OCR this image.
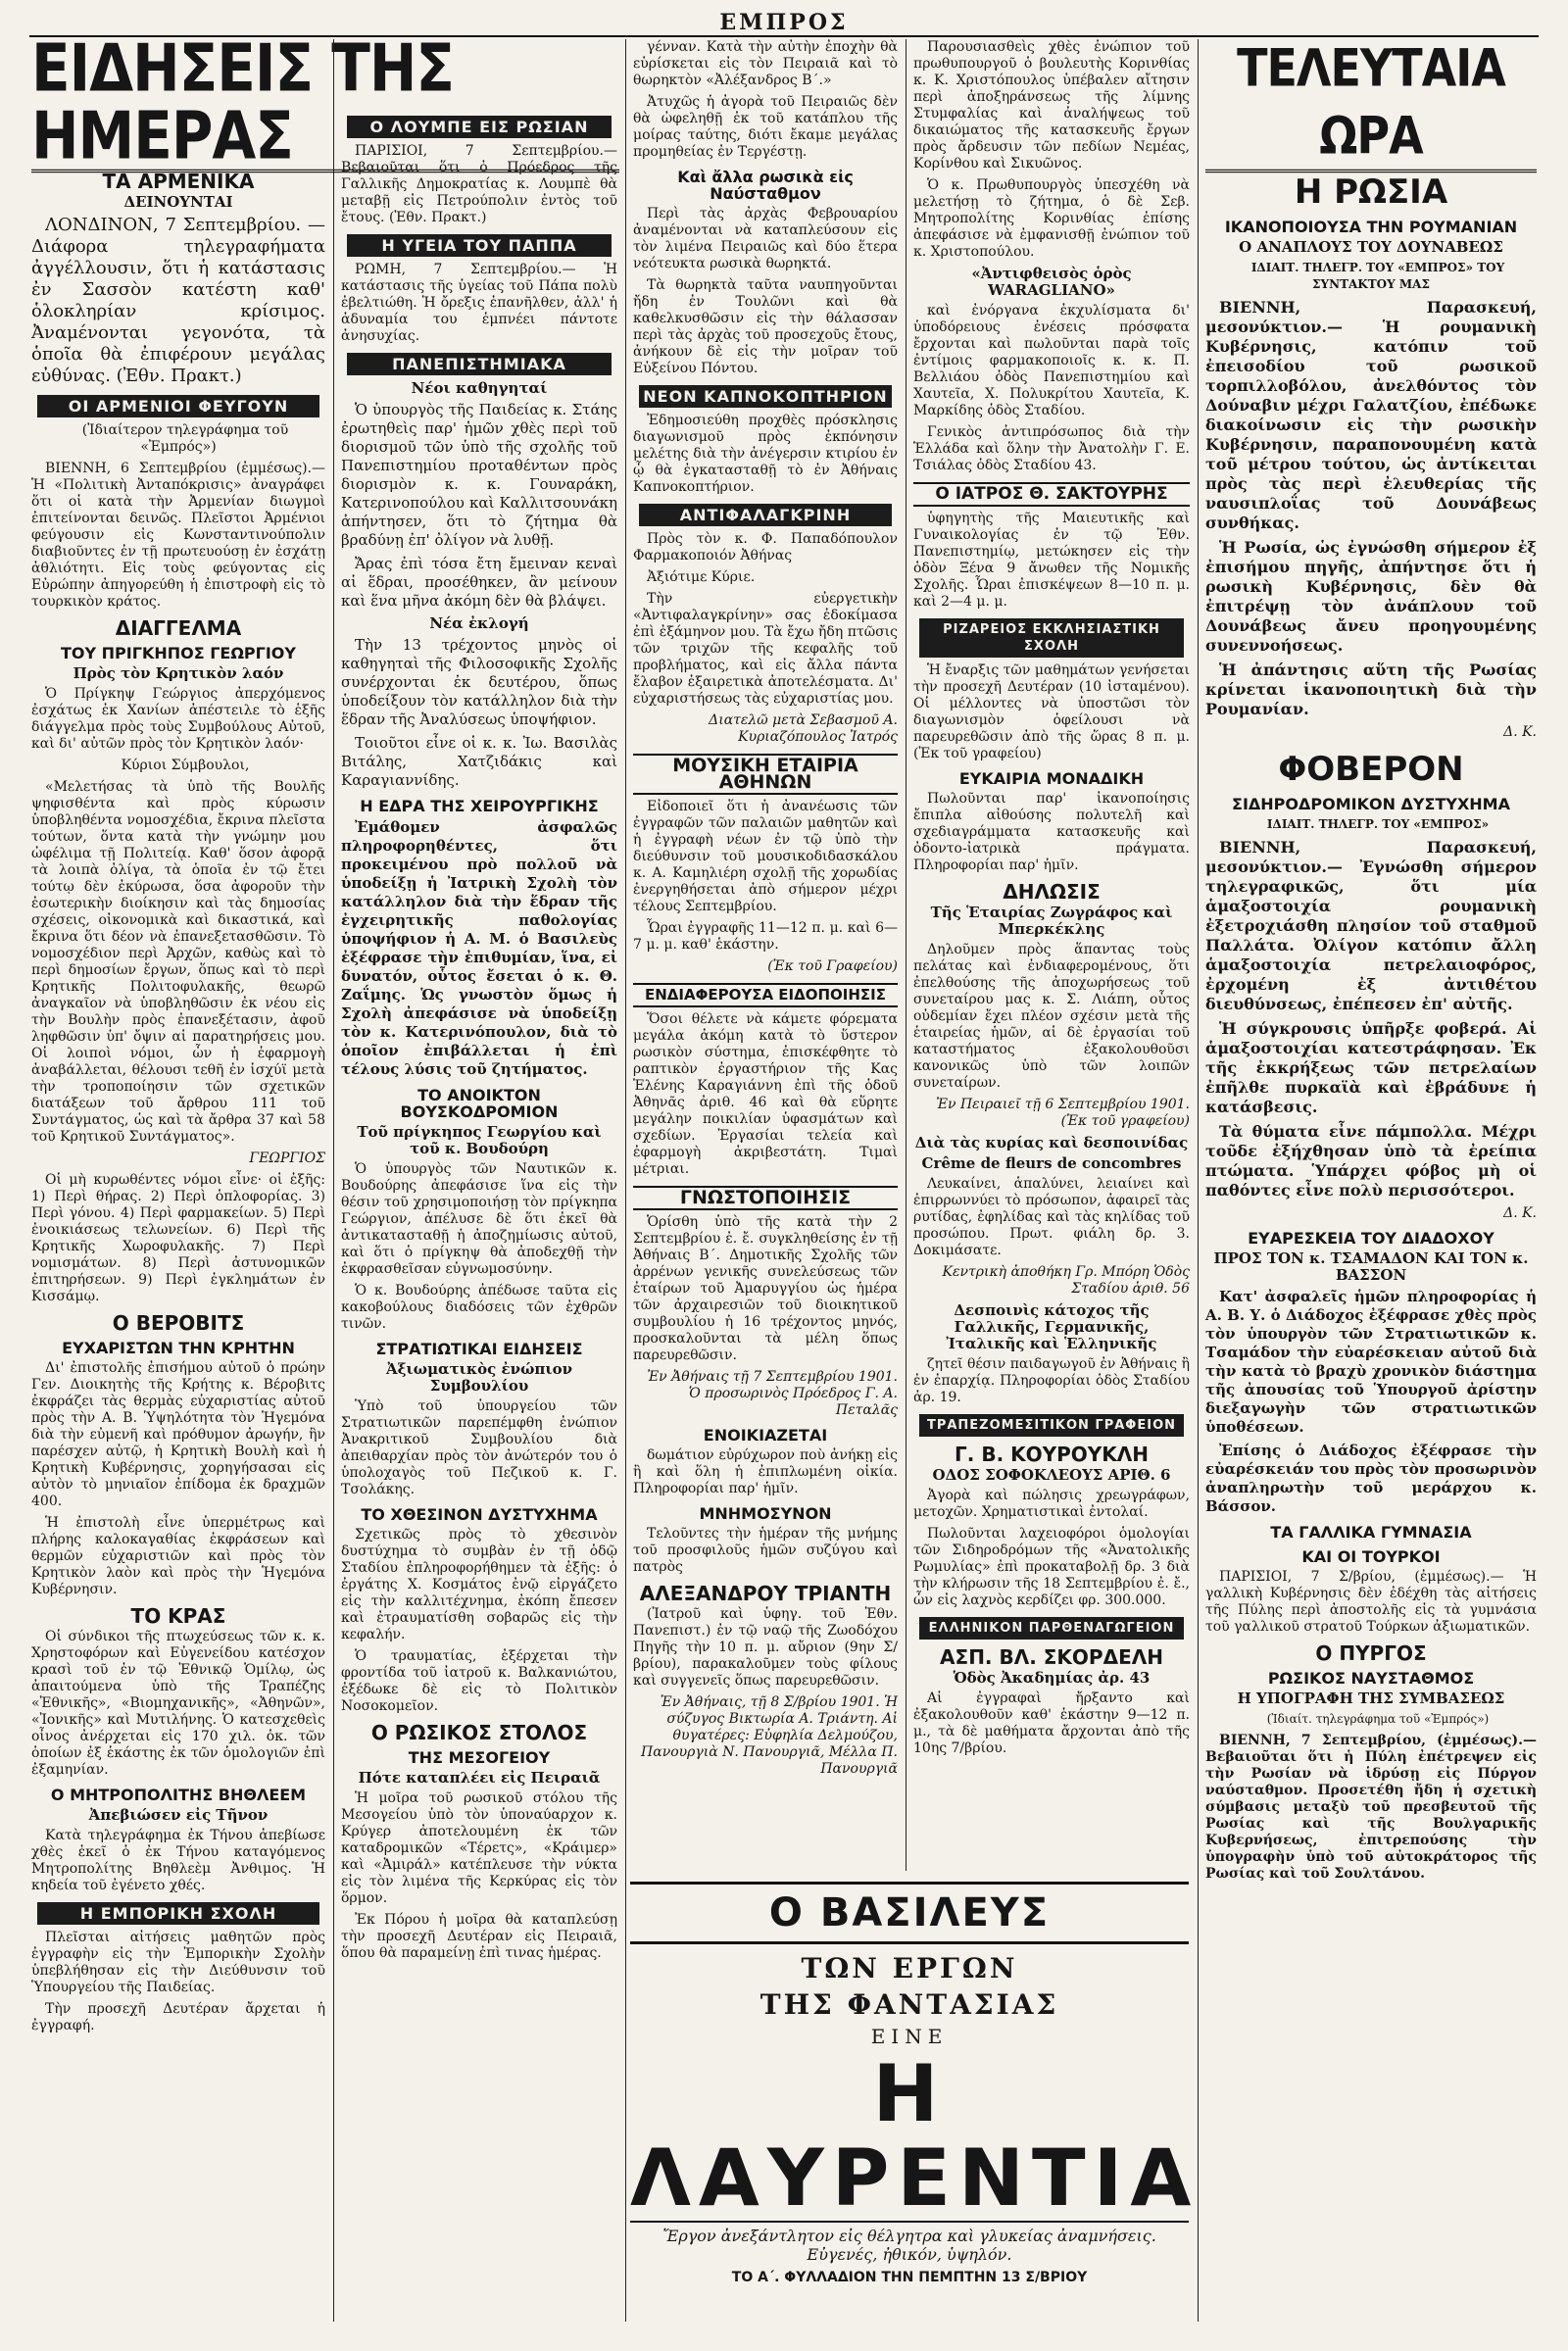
ΕΜΠΡΟΣ
ΕΙΔΗΣΕΙΣ ΤΗΣ ΗΜΕΡΑΣ
ΤΑ ΑΡΜΕΝΙΚΑ
ΔΕΙΝΟΥΝΤΑΙ

ΛΟΝΔΙΝΟΝ, 7 Σεπτεμβρίου. — Διάφορα τηλεγραφήματα ἀγγέλλουσιν, ὅτι ἡ κατάστασις ἐν Σασσὸν κατέστη καθ' ὁλοκληρίαν κρίσιμος. Ἀναμένονται γεγονότα, τὰ ὁποῖα θὰ ἐπιφέρουν μεγάλας εὐθύνας. (Ἐθν. Πρακτ.)

ΟΙ ΑΡΜΕΝΙΟΙ ΦΕΥΓΟΥΝ

(Ἰδιαίτερον τηλεγράφημα τοῦ «Ἐμπρός»)

ΒΙΕΝΝΗ, 6 Σεπτεμβρίου (ἐμμέσως).— Ἡ «Πολιτικὴ Ἀνταπόκρισις» ἀναγράφει ὅτι οἱ κατὰ τὴν Ἀρμενίαν διωγμοὶ ἐπιτείνονται δεινῶς. Πλεῖστοι Ἀρμένιοι φεύγουσιν εἰς Κωνσταντινούπολιν διαβιοῦντες ἐν τῇ πρωτευούσῃ ἐν ἐσχάτῃ ἀθλιότητι. Εἰς τοὺς φεύγοντας εἰς Εὐρώπην ἀπηγορεύθη ἡ ἐπιστροφὴ εἰς τὸ τουρκικὸν κράτος.

ΔΙΑΓΓΕΛΜΑ
ΤΟΥ ΠΡΙΓΚΗΠΟΣ ΓΕΩΡΓΙΟΥ
Πρὸς τὸν Κρητικὸν λαόν

Ὁ Πρίγκηψ Γεώργιος ἀπερχόμενος ἐσχάτως ἐκ Χανίων ἀπέστειλε τὸ ἑξῆς διάγγελμα πρὸς τοὺς Συμβούλους Αὐτοῦ, καὶ δι' αὐτῶν πρὸς τὸν Κρητικὸν λαόν·

Κύριοι Σύμβουλοι,

«Μελετήσας τὰ ὑπὸ τῆς Βουλῆς ψηφισθέντα καὶ πρὸς κύρωσιν ὑποβληθέντα νομοσχέδια, ἔκρινα πλεῖστα τούτων, ὅντα κατὰ τὴν γνώμην μου ὠφέλιμα τῇ Πολιτείᾳ. Καθ' ὅσον ἀφορᾷ τὰ λοιπὰ ὀλίγα, τὰ ὁποῖα ἐν τῷ ἔτει τούτῳ δὲν ἐκύρωσα, ὅσα ἀφοροῦν τὴν ἐσωτερικὴν διοίκησιν καὶ τὰς δημοσίας σχέσεις, οἰκονομικὰ καὶ δικαστικά, καὶ ἔκρινα ὅτι δέον νὰ ἐπανεξετασθῶσιν. Τὸ νομοσχέδιον περὶ Ἀρχῶν, καθὼς καὶ τὸ περὶ δημοσίων ἔργων, ὅπως καὶ τὸ περὶ Κρητικῆς Πολιτοφυλακῆς, θεωρῶ ἀναγκαῖον νὰ ὑποβληθῶσιν ἐκ νέου εἰς τὴν Βουλὴν πρὸς ἐπανεξέτασιν, ἀφοῦ ληφθῶσιν ὑπ' ὄψιν αἱ παρατηρήσεις μου. Οἱ λοιποὶ νόμοι, ὧν ἡ ἐφαρμογὴ ἀναβάλλεται, θέλουσι τεθῆ ἐν ἰσχύϊ μετὰ τὴν τροποποίησιν τῶν σχετικῶν διατάξεων τοῦ ἄρθρου 111 τοῦ Συντάγματος, ὡς καὶ τὰ ἄρθρα 37 καὶ 58 τοῦ Κρητικοῦ Συντάγματος».

ΓΕΩΡΓΙΟΣ

Οἱ μὴ κυρωθέντες νόμοι εἶνε· οἱ ἑξῆς: 1) Περὶ θήρας. 2) Περὶ ὁπλοφορίας. 3) Περὶ γόνου. 4) Περὶ φαρμακείων. 5) Περὶ ἐνοικιάσεως τελωνείων. 6) Περὶ τῆς Κρητικῆς Χωροφυλακῆς. 7) Περὶ νομισμάτων. 8) Περὶ ἀστυνομικῶν ἐπιτηρήσεων. 9) Περὶ ἐγκλημάτων ἐν Κισσάμῳ.

Ο ΒΕΡΟΒΙΤΣ
ΕΥΧΑΡΙΣΤΩΝ ΤΗΝ ΚΡΗΤΗΝ

Δι' ἐπιστολῆς ἐπισήμου αὐτοῦ ὁ πρώην Γεν. Διοικητὴς τῆς Κρήτης κ. Βέροβιτς ἐκφράζει τὰς θερμὰς εὐχαριστίας αὐτοῦ πρὸς τὴν Α. Β. Ὑψηλότητα τὸν Ἡγεμόνα διὰ τὴν εὐμενῆ καὶ πρόθυμον ἀρωγήν, ἣν παρέσχεν αὐτῷ, ἡ Κρητικὴ Βουλὴ καὶ ἡ Κρητικὴ Κυβέρνησις, χορηγήσασαι εἰς αὐτὸν τὸ μηνιαῖον ἐπίδομα ἐκ δραχμῶν 400.

Ἡ ἐπιστολὴ εἶνε ὑπερμέτρως καὶ πλήρης καλοκαγαθίας ἐκφράσεων καὶ θερμῶν εὐχαριστιῶν καὶ πρὸς τὸν Κρητικὸν λαὸν καὶ πρὸς τὴν Ἡγεμόνα Κυβέρνησιν.

ΤΟ ΚΡΑΣ

Οἱ σύνδικοι τῆς πτωχεύσεως τῶν κ. κ. Χρηστοφόρων καὶ Εὐγενείδου κατέσχον κρασὶ τοῦ ἐν τῷ Ἐθνικῷ Ὁμίλῳ, ὡς ἀπαιτούμενα ὑπὸ τῆς Τραπέζης «Ἐθνικῆς», «Βιομηχανικῆς», «Ἀθηνῶν», «Ἰονικῆς» καὶ Μυτιλήνης. Ὁ κατεσχεθεὶς οἶνος ἀνέρχεται εἰς 170 χιλ. ὀκ. τῶν ὁποίων ἐξ ἑκάστης ἐκ τῶν ὁμολογιῶν ἐπὶ ἐξαμηνίαν.

Ο ΜΗΤΡΟΠΟΛΙΤΗΣ ΒΗΘΛΕΕΜ
Ἀπεβιώσεν εἰς Τῆνον

Κατὰ τηλεγράφημα ἐκ Τήνου ἀπεβίωσε χθὲς ἐκεῖ ὁ ἐκ Τήνου καταγόμενος Μητροπολίτης Βηθλεὲμ Ἀνθιμος. Ἡ κηδεία τοῦ ἐγένετο χθές.

Η ΕΜΠΟΡΙΚΗ ΣΧΟΛΗ

Πλεῖσται αἰτήσεις μαθητῶν πρὸς ἐγγραφὴν εἰς τὴν Ἐμπορικὴν Σχολὴν ὑπεβλήθησαν εἰς τὴν Διεύθυνσιν τοῦ Ὑπουργείου τῆς Παιδείας.

Τὴν προσεχῆ Δευτέραν ἄρχεται ἡ ἐγγραφή.

Ο ΛΟΥΜΠΕ ΕΙΣ ΡΩΣΙΑΝ

ΠΑΡΙΣΙΟΙ, 7 Σεπτεμβρίου.— Βεβαιοῦται ὅτι ὁ Πρόεδρος τῆς Γαλλικῆς Δημοκρατίας κ. Λουμπὲ θὰ μεταβῇ εἰς Πετρούπολιν ἐντὸς τοῦ ἔτους. (Ἐθν. Πρακτ.)

Η ΥΓΕΙΑ ΤΟΥ ΠΑΠΠΑ

ΡΩΜΗ, 7 Σεπτεμβρίου.— Ἡ κατάστασις τῆς ὑγείας τοῦ Πάπα πολὺ ἐβελτιώθη. Ἡ ὄρεξις ἐπανῆλθεν, ἀλλ' ἡ ἀδυναμία του ἐμπνέει πάντοτε ἀνησυχίας.

ΠΑΝΕΠΙΣΤΗΜΙΑΚΑ
Νέοι καθηγηταί

Ὁ ὑπουργὸς τῆς Παιδείας κ. Στάης ἐρωτηθεὶς παρ' ἡμῶν χθὲς περὶ τοῦ διορισμοῦ τῶν ὑπὸ τῆς σχολῆς τοῦ Πανεπιστημίου προταθέντων πρὸς διορισμὸν κ. κ. Γουναράκη, Κατερινοπούλου καὶ Καλλιτσουνάκη ἀπήντησεν, ὅτι τὸ ζήτημα θὰ βραδύνῃ ἐπ' ὀλίγον νὰ λυθῇ.

Ἄρας ἐπὶ τόσα ἔτη ἔμειναν κεναὶ αἱ ἕδραι, προσέθηκεν, ἂν μείνουν καὶ ἕνα μῆνα ἀκόμη δὲν θὰ βλάψει.

Νέα ἐκλογή

Τὴν 13 τρέχοντος μηνὸς οἱ καθηγηταὶ τῆς Φιλοσοφικῆς Σχολῆς συνέρχονται ἐκ δευτέρου, ὅπως ὑποδείξουν τὸν κατάλληλον διὰ τὴν ἕδραν τῆς Ἀναλύσεως ὑποψήφιον.

Τοιοῦτοι εἶνε οἱ κ. κ. Ἰω. Βασιλὰς Βιτάλης, Χατζιδάκις καὶ Καραγιαννίδης.

Η ΕΔΡΑ ΤΗΣ ΧΕΙΡΟΥΡΓΙΚΗΣ

Ἐμάθομεν ἀσφαλῶς πληροφορηθέντες, ὅτι προκειμένου πρὸ πολλοῦ νὰ ὑποδείξῃ ἡ Ἰατρικὴ Σχολὴ τὸν κατάλληλον διὰ τὴν ἕδραν τῆς ἐγχειρητικῆς παθολογίας ὑποψήφιον ἡ Α. Μ. ὁ Βασιλεὺς ἐξέφρασε τὴν ἐπιθυμίαν, ἵνα, εἰ δυνατόν, οὗτος ἔσεται ὁ κ. Θ. Ζαΐμης. Ὡς γνωστὸν ὅμως ἡ Σχολὴ ἀπεφάσισε νὰ ὑποδείξῃ τὸν κ. Κατερινόπουλον, διὰ τὸ ὁποῖον ἐπιβάλλεται ἡ ἐπὶ τέλους λύσις τοῦ ζητήματος.

ΤΟ ΑΝΟΙΚΤΟΝ ΒΟΥΣΚΟΔΡΟΜΙΟΝ
Τοῦ πρίγκηπος Γεωργίου καὶ τοῦ κ. Βουδούρη

Ὁ ὑπουργὸς τῶν Ναυτικῶν κ. Βουδούρης ἀπεφάσισε ἵνα εἰς τὴν θέσιν τοῦ χρησιμοποιήσῃ τὸν πρίγκηπα Γεώργιον, ἀπέλυσε δὲ ὅτι ἐκεῖ θὰ ἀντικατασταθῇ ἡ ἀποζημίωσις αὐτοῦ, καὶ ὅτι ὁ πρίγκηψ θὰ ἀποδεχθῇ τὴν ἐκφρασθεῖσαν εὐγνωμοσύνην.

Ὁ κ. Βουδούρης ἀπέδωσε ταῦτα εἰς κακοβούλους διαδόσεις τῶν ἐχθρῶν τινῶν.

ΣΤΡΑΤΙΩΤΙΚΑΙ ΕΙΔΗΣΕΙΣ
Ἀξιωματικὸς ἐνώπιον Συμβουλίου

Ὑπὸ τοῦ ὑπουργείου τῶν Στρατιωτικῶν παρεπέμφθη ἐνώπιον Ἀνακριτικοῦ Συμβουλίου διὰ ἀπειθαρχίαν πρὸς τὸν ἀνώτερόν του ὁ ὑπολοχαγὸς τοῦ Πεζικοῦ κ. Γ. Τσολάκης.

ΤΟ ΧΘΕΣΙΝΟΝ ΔΥΣΤΥΧΗΜΑ

Σχετικῶς πρὸς τὸ χθεσινὸν δυστύχημα τὸ συμβὰν ἐν τῇ ὁδῷ Σταδίου ἐπληροφορήθημεν τὰ ἑξῆς: ὁ ἐργάτης Χ. Κοσμάτος ἐνῷ εἰργάζετο εἰς τὴν καλλιτέχνημα, ἐκόπη ἔπεσεν καὶ ἐτραυματίσθη σοβαρῶς εἰς τὴν κεφαλήν.

Ὁ τραυματίας, ἐξέρχεται τὴν φροντίδα τοῦ ἰατροῦ κ. Βαλκανιώτου, ἐξέδωκε δὲ εἰς τὸ Πολιτικὸν Νοσοκομεῖον.

Ο ΡΩΣΙΚΟΣ ΣΤΟΛΟΣ
ΤΗΣ ΜΕΣΟΓΕΙΟΥ
Πότε καταπλέει εἰς Πειραιᾶ

Ἡ μοῖρα τοῦ ρωσικοῦ στόλου τῆς Μεσογείου ὑπὸ τὸν ὑποναύαρχον κ. Κρύγερ ἀποτελουμένη ἐκ τῶν καταδρομικῶν «Τέρετς», «Κράιμερ» καὶ «Ἀμιράλ» κατέπλευσε τὴν νύκτα εἰς τὸν λιμένα τῆς Κερκύρας εἰς τὸν ὅρμον.

Ἐκ Πόρου ἡ μοῖρα θὰ καταπλεύσῃ τὴν προσεχῆ Δευτέραν εἰς Πειραιᾶ, ὅπου θὰ παραμείνῃ ἐπὶ τινας ἡμέρας.

γένναν. Κατὰ τὴν αὐτὴν ἐποχὴν θὰ εὑρίσκεται εἰς τὸν Πειραιᾶ καὶ τὸ θωρηκτὸν «Ἀλέξανδρος Β΄.»

Ἀτυχῶς ἡ ἀγορὰ τοῦ Πειραιῶς δὲν θὰ ὠφεληθῇ ἐκ τοῦ κατάπλου τῆς μοίρας ταύτης, διότι ἔκαμε μεγάλας προμηθείας ἐν Τεργέστῃ.

Καὶ ἄλλα ρωσικὰ εἰς Ναύσταθμον

Περὶ τὰς ἀρχὰς Φεβρουαρίου ἀναμένονται νὰ καταπλεύσουν εἰς τὸν λιμένα Πειραιῶς καὶ δύο ἕτερα νεότευκτα ρωσικὰ θωρηκτά.

Τὰ θωρηκτὰ ταῦτα ναυπηγοῦνται ἤδη ἐν Τουλῶνι καὶ θὰ καθελκυσθῶσιν εἰς τὴν θάλασσαν περὶ τὰς ἀρχὰς τοῦ προσεχοῦς ἔτους, ἀνήκουν δὲ εἰς τὴν μοῖραν τοῦ Εὐξείνου Πόντου.

ΝΕΟΝ ΚΑΠΝΟΚΟΠΤΗΡΙΟΝ

Ἐδημοσιεύθη προχθὲς πρόσκλησις διαγωνισμοῦ πρὸς ἐκπόνησιν μελέτης διὰ τὴν ἀνέγερσιν κτιρίου ἐν ᾧ θὰ ἐγκατασταθῇ τὸ ἐν Ἀθήναις Καπνοκοπτήριον.

ΑΝΤΙΦΑΛΑΓΚΡΙΝΗ

Πρὸς τὸν κ. Φ. Παπαδόπουλον Φαρμακοποιόν Ἀθήνας

Ἀξιότιμε Κύριε.

Τὴν εὐεργετικὴν «Ἀντιφαλαγκρίνην» σας ἐδοκίμασα ἐπὶ ἐξάμηνον μου. Τὰ ἔχω ἤδη πτῶσις τῶν τριχῶν τῆς κεφαλῆς τοῦ προβλήματος, καὶ εἰς ἄλλα πάντα ἔλαβον ἐξαιρετικὰ ἀποτελέσματα. Δι' εὐχαριστήσεως τὰς εὐχαριστίας μου.

Διατελῶ μετὰ Σεβασμοῦ Α. Κυριαζόπουλος Ἰατρός

ΜΟΥΣΙΚΗ ΕΤΑΙΡΙΑ ΑΘΗΝΩΝ

Εἰδοποιεῖ ὅτι ἡ ἀνανέωσις τῶν ἐγγραφῶν τῶν παλαιῶν μαθητῶν καὶ ἡ ἐγγραφὴ νέων ἐν τῷ ὑπὸ τὴν διεύθυνσιν τοῦ μουσικοδιδασκάλου κ. Α. Καμηλιέρη σχολῇ τῆς χορωδίας ἐνεργηθήσεται ἀπὸ σήμερον μέχρι τέλους Σεπτεμβρίου.

Ὧραι ἐγγραφῆς 11—12 π. μ. καὶ 6—7 μ. μ. καθ' ἑκάστην.

(Ἐκ τοῦ Γραφείου)

ΕΝΔΙΑΦΕΡΟΥΣΑ ΕΙΔΟΠΟΙΗΣΙΣ

Ὅσοι θέλετε νὰ κάμετε φόρεματα μεγάλα ἀκόμη κατὰ τὸ ὕστερον ρωσικὸν σύστημα, ἐπισκέφθητε τὸ ραπτικὸν ἐργαστήριον τῆς Κας Ἑλένης Καραγιάννη ἐπὶ τῆς ὁδοῦ Ἀθηνᾶς ἀριθ. 46 καὶ θὰ εὕρητε μεγάλην ποικιλίαν ὑφασμάτων καὶ σχεδίων. Ἐργασίαι τελεία καὶ ἐφαρμογὴ ἀκριβεστάτη. Τιμαὶ μέτριαι.

ΓΝΩΣΤΟΠΟΙΗΣΙΣ

Ὁρίσθη ὑπὸ τῆς κατὰ τὴν 2 Σεπτεμβρίου ἐ. ἔ. συγκληθείσης ἐν τῇ Ἀθήναις Β΄. Δημοτικῆς Σχολῆς τῶν ἀρρένων γενικῆς συνελεύσεως τῶν ἐταίρων τοῦ Ἀμαρυγγίου ὡς ἡμέρα τῶν ἀρχαιρεσιῶν τοῦ διοικητικοῦ συμβουλίου ἡ 16 τρέχοντος μηνός, προσκαλοῦνται τὰ μέλη ὅπως παρευρεθῶσιν.

Ἐν Ἀθήναις τῇ 7 Σεπτεμβρίου 1901. Ὁ προσωρινὸς Πρόεδρος Γ. Α. Πεταλᾶς

ΕΝΟΙΚΙΑΖΕΤΑΙ

δωμάτιον εὐρύχωρον ποὺ ἀνήκῃ εἰς ἢ καὶ ὅλη ἡ ἐπιπλωμένη οἰκία. Πληροφορίαι παρ' ἡμῖν.

ΜΝΗΜΟΣΥΝΟΝ

Τελοῦντες τὴν ἡμέραν τῆς μνήμης τοῦ προσφιλοῦς ἡμῶν συζύγου καὶ πατρὸς

ΑΛΕΞΑΝΔΡΟΥ ΤΡΙΑΝΤΗ

(Ἰατροῦ καὶ ὑφηγ. τοῦ Ἐθν. Πανεπιστ.) ἐν τῷ ναῷ τῆς Ζωοδόχου Πηγῆς τὴν 10 π. μ. αὔριον (9ην Σ/βρίου), παρακαλοῦμεν τοὺς φίλους καὶ συγγενεῖς ὅπως παρευρεθῶσιν.

Ἐν Ἀθήναις, τῇ 8 Σ/βρίου 1901. Ἡ σύζυγος Βικτωρία Α. Τριάντη. Αἱ θυγατέρες: Εὐφηλία Δελμούζου, Πανουργιὰ Ν. Πανουργιᾶ, Μέλλα Π. Πανουργιᾶ

Παρουσιασθεὶς χθὲς ἐνώπιον τοῦ πρωθυπουργοῦ ὁ βουλευτὴς Κορινθίας κ. Κ. Χριστόπουλος ὑπέβαλεν αἴτησιν περὶ ἀποξηράνσεως τῆς λίμνης Στυμφαλίας καὶ ἀναλήψεως τοῦ δικαιώματος τῆς κατασκευῆς ἔργων πρὸς ἄρδευσιν τῶν πεδίων Νεμέας, Κορίνθου καὶ Σικυῶνος.

Ὁ κ. Πρωθυπουργὸς ὑπεσχέθη νὰ μελετήσῃ τὸ ζήτημα, ὁ δὲ Σεβ. Μητροπολίτης Κορινθίας ἐπίσης ἀπεφάσισε νὰ ἐμφανισθῇ ἐνώπιον τοῦ κ. Χριστοπούλου.

«Ἀντιφθεισὸς ὁρὸς WARAGLIANO»

καὶ ἐνόργανα ἐκχυλίσματα δι' ὑποδόρειους ἐνέσεις πρόσφατα ἔρχονται καὶ πωλοῦνται παρὰ τοῖς ἐντίμοις φαρμακοποιοῖς κ. κ. Π. Βελλιάου ὁδὸς Πανεπιστημίου καὶ Χαυτεῖα, Χ. Πολυκρίτου Χαυτεῖα, Κ. Μαρκίδης ὁδὸς Σταδίου.

Γενικὸς ἀντιπρόσωπος διὰ τὴν Ἑλλάδα καὶ ὅλην τὴν Ἀνατολὴν Γ. Ε. Τσιάλας ὁδὸς Σταδίου 43.

Ο ΙΑΤΡΟΣ Θ. ΣΑΚΤΟΥΡΗΣ

ὑφηγητὴς τῆς Μαιευτικῆς καὶ Γυναικολογίας ἐν τῷ Ἐθν. Πανεπιστημίῳ, μετώκησεν εἰς τὴν ὁδὸν Ξένα 9 ἄνωθεν τῆς Νομικῆς Σχολῆς. Ὧραι ἐπισκέψεων 8—10 π. μ. καὶ 2—4 μ. μ.

ΡΙΖΑΡΕΙΟΣ ΕΚΚΛΗΣΙΑΣΤΙΚΗ ΣΧΟΛΗ

Ἡ ἔναρξις τῶν μαθημάτων γενήσεται τὴν προσεχῆ Δευτέραν (10 ἰσταμένου). Οἱ μέλλοντες νὰ ὑποστῶσι τὸν διαγωνισμὸν ὁφείλουσι νὰ παρευρεθῶσιν ἀπὸ τῆς ὥρας 8 π. μ. (Ἐκ τοῦ γραφείου)

ΕΥΚΑΙΡΙΑ ΜΟΝΑΔΙΚΗ

Πωλοῦνται παρ' ἱκανοποίησις ἔπιπλα αἰθούσης πολυτελῆ καὶ σχεδιαγράμματα κατασκευῆς καὶ ὀδοντο-ἰατρικὰ πράγματα. Πληροφορίαι παρ' ἡμῖν.

ΔΗΛΩΣΙΣ
Τῆς Ἑταιρίας Ζωγράφος καὶ Μπερκέκλης

Δηλοῦμεν πρὸς ἅπαντας τοὺς πελάτας καὶ ἐνδιαφερομένους, ὅτι ἐπελθούσης τῆς ἀποχωρήσεως τοῦ συνεταίρου μας κ. Σ. Λιάπη, οὗτος οὐδεμίαν ἔχει πλέον σχέσιν μετὰ τῆς ἑταιρείας ἡμῶν, αἱ δὲ ἐργασίαι τοῦ καταστήματος ἐξακολουθοῦσι κανονικῶς ὑπὸ τῶν λοιπῶν συνεταίρων.

Ἐν Πειραιεῖ τῇ 6 Σεπτεμβρίου 1901. (Ἐκ τοῦ γραφείου)

Διὰ τὰς κυρίας καὶ δεσποινίδας
Crême de fleurs de concombres

Λευκαίνει, ἁπαλύνει, λειαίνει καὶ ἐπιρρωννύει τὸ πρόσωπον, ἀφαιρεῖ τὰς ρυτίδας, ἐφηλίδας καὶ τὰς κηλίδας τοῦ προσώπου. Πρωτ. φιάλη δρ. 3. Δοκιμάσατε.

Κεντρικὴ ἀποθήκη Γρ. Μπόρη Ὁδὸς Σταδίου ἀριθ. 56

Δεσποινὶς κάτοχος τῆς Γαλλικῆς, Γερμανικῆς, Ἰταλικῆς καὶ Ἑλληνικῆς

ζητεῖ θέσιν παιδαγωγοῦ ἐν Ἀθήναις ἢ ἐν ἐπαρχίᾳ. Πληροφορίαι ὁδὸς Σταδίου ἀρ. 19.

ΤΡΑΠΕΖΟΜΕΣΙΤΙΚΟΝ ΓΡΑΦΕΙΟΝ
Γ. Β. ΚΟΥΡΟΥΚΛΗ
ΟΔΟΣ ΣΟΦΟΚΛΕΟΥΣ ΑΡΙΘ. 6

Ἀγορὰ καὶ πώλησις χρεωγράφων, μετοχῶν. Χρηματιστικαὶ ἐντολαί.

Πωλοῦνται λαχειοφόροι ὁμολογίαι τῶν Σιδηροδρόμων τῆς «Ἀνατολικῆς Ρωμυλίας» ἐπὶ προκαταβολῇ δρ. 3 διὰ τὴν κλήρωσιν τῆς 18 Σεπτεμβρίου ἐ. ἔ., ὧν εἰς λαχνὸς κερδίζει φρ. 300.000.

ΕΛΛΗΝΙΚΟΝ ΠΑΡΘΕΝΑΓΩΓΕΙΟΝ
ΑΣΠ. ΒΛ. ΣΚΟΡΔΕΛΗ
Ὁδὸς Ἀκαδημίας ἀρ. 43

Αἱ ἐγγραφαὶ ἤρξαντο καὶ ἐξακολουθοῦν καθ' ἑκάστην 9—12 π. μ., τὰ δὲ μαθήματα ἄρχονται ἀπὸ τῆς 10ης 7/βρίου.

ΤΕΛΕΥΤΑΙΑ ΩΡΑ
Η ΡΩΣΙΑ
ΙΚΑΝΟΠΟΙΟΥΣΑ ΤΗΝ ΡΟΥΜΑΝΙΑΝ
Ο ΑΝΑΠΛΟΥΣ ΤΟΥ ΔΟΥΝΑΒΕΩΣ

ΙΔΙΑΙΤ. ΤΗΛΕΓΡ. ΤΟΥ «ΕΜΠΡΟΣ» ΤΟΥ ΣΥΝΤΑΚΤΟΥ ΜΑΣ

ΒΙΕΝΝΗ, Παρασκευή, μεσονύκτιον.— Ἡ ρουμανικὴ Κυβέρνησις, κατόπιν τοῦ ἐπεισοδίου τοῦ ρωσικοῦ τορπιλλοβόλου, ἀνελθόντος τὸν Δούναβιν μέχρι Γαλατζίου, ἐπέδωκε διακοίνωσιν εἰς τὴν ρωσικὴν Κυβέρνησιν, παραπονουμένη κατὰ τοῦ μέτρου τούτου, ὡς ἀντίκειται πρὸς τὰς περὶ ἐλευθερίας τῆς ναυσιπλοΐας τοῦ Δουνάβεως συνθήκας.

Ἡ Ρωσία, ὡς ἐγνώσθη σήμερον ἐξ ἐπισήμου πηγῆς, ἀπήντησε ὅτι ἡ ρωσικὴ Κυβέρνησις, δὲν θὰ ἐπιτρέψῃ τὸν ἀνάπλουν τοῦ Δουνάβεως ἄνευ προηγουμένης συνεννοήσεως.

Ἡ ἀπάντησις αὕτη τῆς Ρωσίας κρίνεται ἱκανοποιητικὴ διὰ τὴν Ρουμανίαν.

Δ. Κ.

ΦΟΒΕΡΟΝ
ΣΙΔΗΡΟΔΡΟΜΙΚΟΝ ΔΥΣΤΥΧΗΜΑ

ΙΔΙΑΙΤ. ΤΗΛΕΓΡ. ΤΟΥ «ΕΜΠΡΟΣ»

ΒΙΕΝΝΗ, Παρασκευή, μεσονύκτιον.— Ἐγνώσθη σήμερον τηλεγραφικῶς, ὅτι μία ἁμαξοστοιχία ρουμανικὴ ἐξετροχιάσθη πλησίον τοῦ σταθμοῦ Παλλάτα. Ὀλίγον κατόπιν ἄλλη ἁμαξοστοιχία πετρελαιοφόρος, ἐρχομένη ἐξ ἀντιθέτου διευθύνσεως, ἐπέπεσεν ἐπ' αὐτῆς.

Ἡ σύγκρουσις ὑπῆρξε φοβερά. Αἱ ἁμαξοστοιχίαι κατεστράφησαν. Ἐκ τῆς ἐκκρήξεως τῶν πετρελαίων ἐπῆλθε πυρκαϊὰ καὶ ἐβράδυνε ἡ κατάσβεσις.

Τὰ θύματα εἶνε πάμπολλα. Μέχρι τοῦδε ἐξήχθησαν ὑπὸ τὰ ἐρείπια πτώματα. Ὑπάρχει φόβος μὴ οἱ παθόντες εἶνε πολὺ περισσότεροι.

Δ. Κ.

ΕΥΑΡΕΣΚΕΙΑ ΤΟΥ ΔΙΑΔΟΧΟΥ
ΠΡΟΣ ΤΟΝ κ. ΤΣΑΜΑΔΟΝ ΚΑΙ ΤΟΝ κ. ΒΑΣΣΟΝ

Κατ' ἀσφαλεῖς ἡμῶν πληροφορίας ἡ Α. Β. Υ. ὁ Διάδοχος ἐξέφρασε χθὲς πρὸς τὸν ὑπουργὸν τῶν Στρατιωτικῶν κ. Τσαμάδον τὴν εὐαρέσκειαν αὐτοῦ διὰ τὴν κατὰ τὸ βραχὺ χρονικὸν διάστημα τῆς ἀπουσίας τοῦ Ὑπουργοῦ ἀρίστην διεξαγωγὴν τῶν στρατιωτικῶν ὑποθέσεων.

Ἐπίσης ὁ Διάδοχος ἐξέφρασε τὴν εὐαρέσκειάν του πρὸς τὸν προσωρινὸν ἀναπληρωτὴν τοῦ μεράρχου κ. Βάσσον.

ΤΑ ΓΑΛΛΙΚΑ ΓΥΜΝΑΣΙΑ
ΚΑΙ ΟΙ ΤΟΥΡΚΟΙ

ΠΑΡΙΣΙΟΙ, 7 Σ/βρίου, (ἐμμέσως).— Ἡ γαλλικὴ Κυβέρνησις δὲν ἐδέχθη τὰς αἰτήσεις τῆς Πύλης περὶ ἀποστολῆς εἰς τὰ γυμνάσια τοῦ γαλλικοῦ στρατοῦ Τούρκων ἀξιωματικῶν.

Ο ΠΥΡΓΟΣ
ΡΩΣΙΚΟΣ ΝΑΥΣΤΑΘΜΟΣ
Η ΥΠΟΓΡΑΦΗ ΤΗΣ ΣΥΜΒΑΣΕΩΣ

(Ἰδιαίτ. τηλεγράφημα τοῦ «Ἐμπρός»)

ΒΙΕΝΝΗ, 7 Σεπτεμβρίου, (ἐμμέσως).— Βεβαιοῦται ὅτι ἡ Πύλη ἐπέτρεψεν εἰς τὴν Ρωσίαν νὰ ἱδρύσῃ εἰς Πύργον ναύσταθμον. Προσετέθη ἤδη ἡ σχετικὴ σύμβασις μεταξὺ τοῦ πρεσβευτοῦ τῆς Ρωσίας καὶ τῆς Βουλγαρικῆς Κυβερνήσεως, ἐπιτρεπούσης τὴν ὑπογραφὴν ὑπὸ τοῦ αὐτοκράτορος τῆς Ρωσίας καὶ τοῦ Σουλτάνου.

Ο ΒΑΣΙΛΕΥΣ
ΤΩΝ ΕΡΓΩΝ
ΤΗΣ ΦΑΝΤΑΣΙΑΣ
ΕΙΝΕ
Η ΛΑΥΡΕΝΤΙΑ
Ἔργον ἀνεξάντλητον εἰς θέλγητρα καὶ γλυκείας ἀναμνήσεις. Εὐγενές, ἠθικόν, ὑψηλόν.
ΤΟ Α΄. ΦΥΛΛΑΔΙΟΝ ΤΗΝ ΠΕΜΠΤΗΝ 13 Σ/ΒΡΙΟΥ
